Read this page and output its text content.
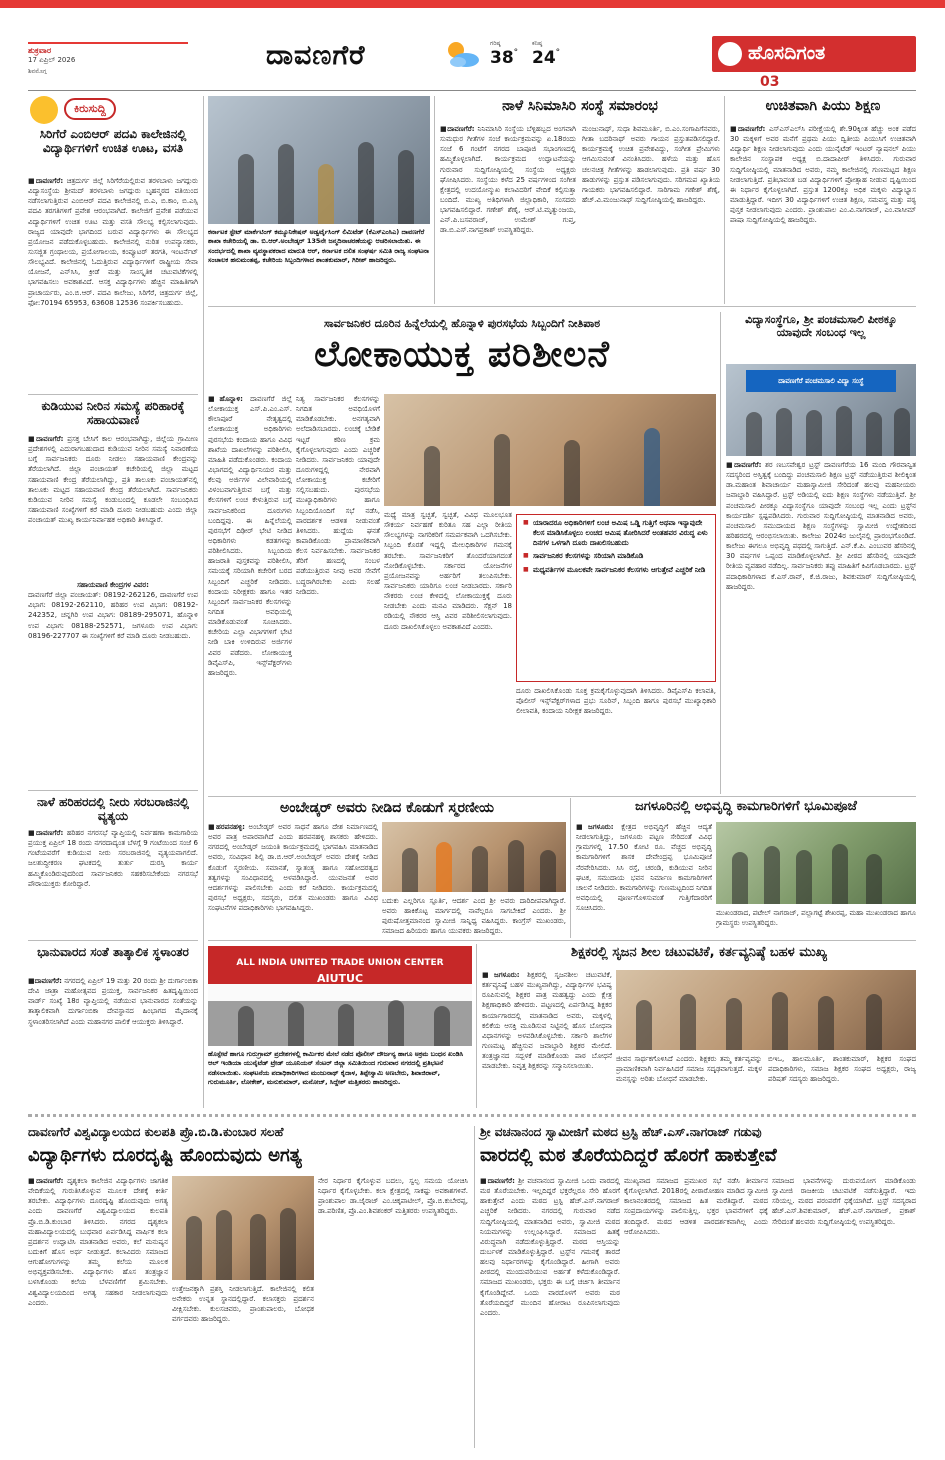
ಶುಕ್ರವಾರ
17 ಏಪ್ರಿಲ್ 2026
ಶಿವಮೊಗ್ಗ
ದಾವಣಗೆರೆ	ಗರಿಷ್ಠ
38°
ಕನಿಷ್ಠ
24°	ಹೊಸದಿಗಂತ
03
ಕಿರುಸುದ್ದಿ
ಸಿರಿಗೆರೆ ಎಂಬಿಆರ್ ಪದವಿ ಕಾಲೇಜಿನಲ್ಲಿ ವಿದ್ಯಾರ್ಥಿಗಳಿಗೆ ಉಚಿತ ಊಟ, ವಸತಿ
■ದಾವಣಗೆರೆ: ಚಿತ್ರದುರ್ಗ ಜಿಲ್ಲೆ ಸಿರಿಗೆರೆಯಲ್ಲಿರುವ ತರಳಬಾಳು ಜಗದ್ಗುರು ವಿದ್ಯಾಸಂಸ್ಥೆಯ ಶ್ರೀಮದ್ ತರಳಬಾಳು ಜಗದ್ಗುರು ಬೃಹನ್ಮಠದ ವತಿಯಿಂದ ನಡೆಸಲಾಗುತ್ತಿರುವ ಎಂಬಿಆರ್ ಪದವಿ ಕಾಲೇಜಿನಲ್ಲಿ ಬಿ.ಎ, ಬಿ.ಕಾಂ, ಬಿ.ಎಸ್ಸಿ ಪದವಿ ತರಗತಿಗಳಿಗೆ ಪ್ರವೇಶ ಆರಂಭವಾಗಿದೆ. ಕಾಲೇಜಿಗೆ ಪ್ರವೇಶ ಪಡೆಯುವ ವಿದ್ಯಾರ್ಥಿಗಳಿಗೆ ಉಚಿತ ಊಟ ಮತ್ತು ವಸತಿ ಸೌಲಭ್ಯ ಕಲ್ಪಿಸಲಾಗುವುದು. ರಾಜ್ಯದ ಯಾವುದೇ ಭಾಗದಿಂದ ಬರುವ ವಿದ್ಯಾರ್ಥಿಗಳು ಈ ಸೌಲಭ್ಯದ ಪ್ರಯೋಜನ ಪಡೆದುಕೊಳ್ಳಬಹುದು. ಕಾಲೇಜಿನಲ್ಲಿ ನುರಿತ ಉಪನ್ಯಾಸಕರು, ಸುಸಜ್ಜಿತ ಗ್ರಂಥಾಲಯ, ಪ್ರಯೋಗಾಲಯ, ಕಂಪ್ಯೂಟರ್ ತರಗತಿ, ಇಂಟರ್ನೆಟ್ ಸೌಲಭ್ಯವಿದೆ. ಕಾಲೇಜಿನಲ್ಲಿ ಓದುತ್ತಿರುವ ವಿದ್ಯಾರ್ಥಿಗಳಿಗೆ ರಾಷ್ಟ್ರೀಯ ಸೇವಾ ಯೋಜನೆ, ಎನ್‌ಸಿಸಿ, ಕ್ರೀಡೆ ಮತ್ತು ಸಾಂಸ್ಕೃತಿಕ ಚಟುವಟಿಕೆಗಳಲ್ಲಿ ಭಾಗವಹಿಸಲು ಅವಕಾಶವಿದೆ. ಆಸಕ್ತ ವಿದ್ಯಾರ್ಥಿಗಳು ಹೆಚ್ಚಿನ ಮಾಹಿತಿಗಾಗಿ ಪ್ರಾಚಾರ್ಯರು, ಎಂ.ಬಿ.ಆರ್. ಪದವಿ ಕಾಲೇಜು, ಸಿರಿಗೆರೆ, ಚಿತ್ರದುರ್ಗ ಜಿಲ್ಲೆ, ಫೋ:70194 65953, 63608 12536 ಸಂಪರ್ಕಿಸಬಹುದು.
ಕುಡಿಯುವ ನೀರಿನ ಸಮಸ್ಯೆ ಪರಿಹಾರಕ್ಕೆ ಸಹಾಯವಾಣಿ
■ದಾವಣಗೆರೆ: ಪ್ರಸಕ್ತ ಬೇಸಿಗೆ ಕಾಲ ಆರಂಭವಾಗಿದ್ದು, ಜಿಲ್ಲೆಯ ಗ್ರಾಮೀಣ ಪ್ರದೇಶಗಳಲ್ಲಿ ಎದುರಾಗಬಹುದಾದ ಕುಡಿಯುವ ನೀರಿನ ಸಮಸ್ಯೆ ನಿವಾರಣೆಯ ಬಗ್ಗೆ ಸಾರ್ವಜನಿಕರು ದೂರು ನೀಡಲು ಸಹಾಯವಾಣಿ ಕೇಂದ್ರವನ್ನು ತೆರೆಯಲಾಗಿದೆ. ಜಿಲ್ಲಾ ಪಂಚಾಯತ್ ಕಚೇರಿಯಲ್ಲಿ ಜಿಲ್ಲಾ ಮಟ್ಟದ ಸಹಾಯವಾಣಿ ಕೇಂದ್ರ ತೆರೆಯಲಾಗಿದ್ದು, ಪ್ರತಿ ತಾಲೂಕು ಪಂಚಾಯತ್‌ನಲ್ಲಿ ತಾಲೂಕು ಮಟ್ಟದ ಸಹಾಯವಾಣಿ ಕೇಂದ್ರ ತೆರೆಯಲಾಗಿದೆ. ಸಾರ್ವಜನಿಕರು ಕುಡಿಯುವ ನೀರಿನ ಸಮಸ್ಯೆ ಕಂಡುಬಂದಲ್ಲಿ ಕೂಡಲೇ ಸಂಬಂಧಿಸಿದ ಸಹಾಯವಾಣಿ ಸಂಖ್ಯೆಗಳಿಗೆ ಕರೆ ಮಾಡಿ ದೂರು ನೀಡಬಹುದು ಎಂದು ಜಿಲ್ಲಾ ಪಂಚಾಯತ್ ಮುಖ್ಯ ಕಾರ್ಯನಿರ್ವಾಹಕ ಅಧಿಕಾರಿ ತಿಳಿಸಿದ್ದಾರೆ.
ಸಹಾಯವಾಣಿ ಕೇಂದ್ರಗಳ ವಿವರ:
ದಾವಣಗೆರೆ ಜಿಲ್ಲಾ ಪಂಚಾಯತ್: 08192-262126, ದಾವಣಗೆರೆ ಉಪ ವಿಭಾಗ: 08192-262110, ಹರಿಹರ ಉಪ ವಿಭಾಗ: 08192-242352, ಚನ್ನಗಿರಿ ಉಪ ವಿಭಾಗ: 08189-295071, ಹೊನ್ನಾಳಿ ಉಪ ವಿಭಾಗ: 08188-252571, ಜಗಳೂರು ಉಪ ವಿಭಾಗ: 08196-227707 ಈ ಸಂಖ್ಯೆಗಳಿಗೆ ಕರೆ ಮಾಡಿ ದೂರು ನೀಡಬಹುದು.
ನಾಳೆ ಹರಿಹರದಲ್ಲಿ ನೀರು ಸರಬರಾಜಿನಲ್ಲಿ ವ್ಯತ್ಯಯ
■ದಾವಣಗೆರೆ: ಹರಿಹರ ನಗರಸಭೆ ವ್ಯಾಪ್ತಿಯಲ್ಲಿ ನಿರ್ವಹಣಾ ಕಾಮಗಾರಿಯ ಪ್ರಯುಕ್ತ ಏಪ್ರಿಲ್ 18 ರಂದು ನಗರದಾದ್ಯಂತ ಬೆಳಗ್ಗೆ 9 ಗಂಟೆಯಿಂದ ಸಂಜೆ 6 ಗಂಟೆಯವರೆಗೆ ಕುಡಿಯುವ ನೀರು ಸರಬರಾಜಿನಲ್ಲಿ ವ್ಯತ್ಯಯವಾಗಲಿದೆ. ಜಲಶುದ್ಧೀಕರಣ ಘಟಕದಲ್ಲಿ ತುರ್ತು ದುರಸ್ತಿ ಕಾರ್ಯ ಹಮ್ಮಿಕೊಂಡಿರುವುದರಿಂದ ಸಾರ್ವಜನಿಕರು ಸಹಕರಿಸಬೇಕೆಂದು ನಗರಸಭೆ ಪೌರಾಯುಕ್ತರು ಕೋರಿದ್ದಾರೆ.
ಭಾನುವಾರದ ಸಂತೆ ತಾತ್ಕಾಲಿಕ ಸ್ಥಳಾಂತರ
■ದಾವಣಗೆರೆ: ನಗರದಲ್ಲಿ ಏಪ್ರಿಲ್ 19 ಮತ್ತು 20 ರಂದು ಶ್ರೀ ದುರ್ಗಾಂಬಿಕಾ ದೇವಿ ಜಾತ್ರಾ ಮಹೋತ್ಸವದ ಪ್ರಯುಕ್ತ, ಸಾರ್ವಜನಿಕರ ಹಿತದೃಷ್ಟಿಯಿಂದ ವಾರ್ಡ್ ಸಂಖ್ಯೆ 18ರ ವ್ಯಾಪ್ತಿಯಲ್ಲಿ ನಡೆಯುವ ಭಾನುವಾರದ ಸಂತೆಯನ್ನು ತಾತ್ಕಾಲಿಕವಾಗಿ ದುರ್ಗಾಂಬಿಕಾ ದೇವಸ್ಥಾನದ ಹಿಂಭಾಗದ ಮೈದಾನಕ್ಕೆ ಸ್ಥಳಾಂತರಿಸಲಾಗಿದೆ ಎಂದು ಮಹಾನಗರ ಪಾಲಿಕೆ ಆಯುಕ್ತರು ತಿಳಿಸಿದ್ದಾರೆ.
ಕರ್ನಾಟಕ ಸ್ಟೇಟ್ ಮಾರ್ಕೆಟಿಂಗ್ ಕಮ್ಯೂನಿಕೇಷನ್ ಅಡ್ವರ್ಟೈಸಿಂಗ್ ಲಿಮಿಟೆಡ್ (ಕೆಎಸ್‌ಎಂಸಿಎ) ದಾವಣಗೆರೆ ಶಾಖಾ ಕಚೇರಿಯಲ್ಲಿ ಡಾ. ಬಿ.ಆರ್.ಅಂಬೇಡ್ಕರ್ 135ನೇ ಜನ್ಮದಿನಾಚರಣೆಯನ್ನು ಆಚರಿಸಲಾಯಿತು. ಈ ಸಂದರ್ಭದಲ್ಲಿ ಶಾಖಾ ವ್ಯವಸ್ಥಾಪಕರಾದ ಮಾರುತಿ ಆರ್, ಕರ್ನಾಟಕ ದಲಿತ ಸಂಘರ್ಷ ಸಮಿತಿ ರಾಜ್ಯ ಸಂಘಟನಾ ಸಂಚಾಲಕ ಹನುಮಂತಪ್ಪ, ಕಚೇರಿಯ ಸಿಬ್ಬಂದಿಗಳಾದ ಶಾಂತಕುಮಾರ್, ಗಿರೀಶ್ ಹಾಜರಿದ್ದರು.
ನಾಳೆ ಸಿನಿಮಾಸಿರಿ ಸಂಸ್ಥೆ ಸಮಾರಂಭ
■ದಾವಣಗೆರೆ: ನಿನಿಮಾಸಿರಿ ಸಂಸ್ಥೆಯ ಬೆಳ್ಳಿಹಬ್ಬದ ಅಂಗವಾಗಿ ಸುಮಧುರ ಗೀತೆಗಳ ಸಂಜೆ ಕಾರ್ಯಕ್ರಮವನ್ನು ಏ.18ರಂದು ಸಂಜೆ 6 ಗಂಟೆಗೆ ನಗರದ ಬಾಪೂಜಿ ಸಭಾಂಗಣದಲ್ಲಿ ಹಮ್ಮಿಕೊಳ್ಳಲಾಗಿದೆ. ಕಾರ್ಯಕ್ರಮದ ಉದ್ಘಾಟನೆಯನ್ನು ಗುರುವಾರ ಸುದ್ದಿಗೋಷ್ಠಿಯಲ್ಲಿ ಸಂಸ್ಥೆಯ ಅಧ್ಯಕ್ಷರು ಘೋಷಿಸಿದರು. ಸಂಸ್ಥೆಯು ಕಳೆದ 25 ವರ್ಷಗಳಿಂದ ಸಂಗೀತ ಕ್ಷೇತ್ರದಲ್ಲಿ ಉದಯೋನ್ಮುಖ ಕಲಾವಿದರಿಗೆ ವೇದಿಕೆ ಕಲ್ಪಿಸುತ್ತಾ ಬಂದಿದೆ. ಮುಖ್ಯ ಅತಿಥಿಗಳಾಗಿ ಜಿಲ್ಲಾಧಿಕಾರಿ, ಸಂಸದರು ಭಾಗವಹಿಸಲಿದ್ದಾರೆ. ಗಣೇಶ್ ಶೆಣೈ, ಆರ್.ಟಿ.ಮೃತ್ಯುಂಜಯ, ಎನ್.ಪಿ.ಬಸವರಾಜ್, ಉಮೇಶ್ ಗುಪ್ತ, ಡಾ.ಬಿ.ಎಸ್.ನಾಗಪ್ರಕಾಶ್ ಉಪಸ್ಥಿತರಿದ್ದರು.
ಮಂಜುನಾಥ್, ಸುಧಾ ಶಿವಮೂರ್ತಿ, ಬಿ.ಎಂ.ಸಂಗಾಪಿಗೆನವರು, ಗೀತಾ ಬದರಿನಾಥ್ ಅವರು ಗಾಯನ ಪ್ರಸ್ತುತಪಡಿಸಲಿದ್ದಾರೆ. ಕಾರ್ಯಕ್ರಮಕ್ಕೆ ಉಚಿತ ಪ್ರವೇಶವಿದ್ದು, ಸಂಗೀತ ಪ್ರೇಮಿಗಳು ಆಗಮಿಸುವಂತೆ ವಿನಂತಿಸಿದರು. ಹಳೆಯ ಮತ್ತು ಹೊಸ ಚಲನಚಿತ್ರ ಗೀತೆಗಳನ್ನು ಹಾಡಲಾಗುವುದು. ಪ್ರತಿ ವರ್ಷ 30 ಹಾಡುಗಳನ್ನು ಪ್ರಸ್ತುತ ಪಡಿಸಲಾಗುವುದು. ಸರಿಗಮಪ ಖ್ಯಾತಿಯ ಗಾಯಕರು ಭಾಗವಹಿಸಲಿದ್ದಾರೆ. ಸಾರಿಗಾಮ ಗಣೇಶ್ ಶೆಣೈ, ಹೆಚ್.ವಿ.ಮಂಜುನಾಥ್ ಸುದ್ದಿಗೋಷ್ಠಿಯಲ್ಲಿ ಹಾಜರಿದ್ದರು.
ಉಚಿತವಾಗಿ ಪಿಯು ಶಿಕ್ಷಣ
■ದಾವಣಗೆರೆ: ಎಸ್ಎಸ್ಎಲ್‌ಸಿ ಪರೀಕ್ಷೆಯಲ್ಲಿ ಶೇ.90ಕ್ಕಿಂತ ಹೆಚ್ಚು ಅಂಕ ಪಡೆದ 30 ಮಕ್ಕಳಿಗೆ ಅವರ ಮನೆಗೆ ಪ್ರಥಮ ಪಿಯು ದ್ವಿತೀಯ ಪಿಯುಸಿಗೆ ಉಚಿತವಾಗಿ ವಿದ್ಯಾರ್ಥಿ ಶಿಕ್ಷಣ ನೀಡಲಾಗುವುದು ಎಂದು ಯುನೈಟೆಡ್ ಇಂಟರ್ ನ್ಯಾಷನಲ್ ಪಿಯು ಕಾಲೇಜಿನ ಸಂಸ್ಥಾಪಕ ಅಧ್ಯಕ್ಷ ಬಿ.ದಾದಾಪೀರ್ ತಿಳಿಸಿದರು. ಗುರುವಾರ ಸುದ್ದಿಗೋಷ್ಠಿಯಲ್ಲಿ ಮಾತನಾಡಿದ ಅವರು, ನಮ್ಮ ಕಾಲೇಜಿನಲ್ಲಿ ಗುಣಮಟ್ಟದ ಶಿಕ್ಷಣ ನೀಡಲಾಗುತ್ತಿದೆ. ಪ್ರತಿಭಾವಂತ ಬಡ ವಿದ್ಯಾರ್ಥಿಗಳಿಗೆ ಪ್ರೋತ್ಸಾಹ ನೀಡುವ ದೃಷ್ಟಿಯಿಂದ ಈ ನಿರ್ಧಾರ ಕೈಗೊಳ್ಳಲಾಗಿದೆ. ಪ್ರಸ್ತುತ 1200ಕ್ಕೂ ಅಧಿಕ ಮಕ್ಕಳು ವಿದ್ಯಾಭ್ಯಾಸ ಮಾಡುತ್ತಿದ್ದಾರೆ. ಇದೀಗ 30 ವಿದ್ಯಾರ್ಥಿಗಳಿಗೆ ಉಚಿತ ಶಿಕ್ಷಣ, ಸಮವಸ್ತ್ರ ಮತ್ತು ಪಠ್ಯ ಪುಸ್ತಕ ನೀಡಲಾಗುವುದು ಎಂದರು. ಪ್ರಾಂಶುಪಾಲ ಎಂ.ವಿ.ನಾಗರಾಜ್, ಎಂ.ವಾಸೀಮ್ ಪಾಷಾ ಸುದ್ದಿಗೋಷ್ಠಿಯಲ್ಲಿ ಹಾಜರಿದ್ದರು.
ಸಾರ್ವಜನಿಕರ ದೂರಿನ ಹಿನ್ನೆಲೆಯಲ್ಲಿ ಹೊನ್ನಾಳಿ ಪುರಸಭೆಯ ಸಿಬ್ಬಂದಿಗೆ ನೀತಿಪಾಠ
ಲೋಕಾಯುಕ್ತ ಪರಿಶೀಲನೆ
■ಹೊನ್ನಾಳಿ: ದಾವಣಗೆರೆ ಜಿಲ್ಲೆ ಲೋಕಾಯುಕ್ತ ಎಸ್.ಪಿ.ಎಂ.ಎಸ್. ಕೌಲಾಪೂರೆ ನೇತೃತ್ವದಲ್ಲಿ ಲೋಕಾಯುಕ್ತ ಅಧಿಕಾರಿಗಳು ಪುರಸಭೆಯ ಕಂದಾಯ ಹಾಗೂ ವಿವಿಧ ಶಾಖೆಯ ದಾಖಲೆಗಳನ್ನು ಪರಿಶೀಲಿಸಿ, ಮಾಹಿತಿ ಪಡೆದುಕೊಂಡರು. ಕಂದಾಯ ವಿಭಾಗದಲ್ಲಿ ವಿದ್ಯಾರ್ಥಿನಿಯರ ಮತ್ತು ಕೆಲವು ಅರ್ಜಿಗಳ ವಿಲೇವಾರಿಯಲ್ಲಿ ವಿಳಂಬವಾಗುತ್ತಿರುವ ಬಗ್ಗೆ ಮತ್ತು ಕೆಲಸಗಳಿಗೆ ಲಂಚ ಕೇಳುತ್ತಿರುವ ಬಗ್ಗೆ ಸಾರ್ವಜನಿಕರಿಂದ ದೂರುಗಳು ಬಂದಿದ್ದವು. ಈ ಹಿನ್ನೆಲೆಯಲ್ಲಿ ಪುರಸಭೆಗೆ ದಿಢೀರ್ ಭೇಟಿ ನೀಡಿದ ಅಧಿಕಾರಿಗಳು ಕಡತಗಳನ್ನು ಪರಿಶೀಲಿಸಿದರು. ಸಿಬ್ಬಂದಿಯ ಹಾಜರಾತಿ ಪುಸ್ತಕವನ್ನು ಪರಿಶೀಲಿಸಿ, ಸಮಯಕ್ಕೆ ಸರಿಯಾಗಿ ಕಚೇರಿಗೆ ಬರದ ಸಿಬ್ಬಂದಿಗೆ ಎಚ್ಚರಿಕೆ ನೀಡಿದರು. ಕಂದಾಯ ನಿರೀಕ್ಷಕರು ಹಾಗೂ ಇತರ ಸಿಬ್ಬಂದಿಗೆ ಸಾರ್ವಜನಿಕರ ಕೆಲಸಗಳನ್ನು ನಿಗದಿತ ಅವಧಿಯಲ್ಲಿ ಮಾಡಿಕೊಡುವಂತೆ ಸೂಚಿಸಿದರು. ಕಚೇರಿಯ ಎಲ್ಲಾ ವಿಭಾಗಗಳಿಗೆ ಭೇಟಿ ನೀಡಿ ಬಾಕಿ ಉಳಿದಿರುವ ಅರ್ಜಿಗಳ ವಿವರ ಪಡೆದರು. ಲೋಕಾಯುಕ್ತ ಡಿವೈಎಸ್‌ಪಿ, ಇನ್ಸ್‌ಪೆಕ್ಟರ್‌ಗಳು ಹಾಜರಿದ್ದರು.
ನಿತ್ಯ ಸಾರ್ವಜನಿಕರ ಕೆಲಸಗಳನ್ನು ನಿಗದಿತ ಅವಧಿಯೊಳಗೆ ಮಾಡಿಕೊಡಬೇಕು. ಅನಗತ್ಯವಾಗಿ ಅಲೆದಾಡಿಸಬಾರದು. ಲಂಚಕ್ಕೆ ಬೇಡಿಕೆ ಇಟ್ಟರೆ ಕಠಿಣ ಕ್ರಮ ಕೈಗೊಳ್ಳಲಾಗುವುದು ಎಂದು ಎಚ್ಚರಿಕೆ ನೀಡಿದರು. ಸಾರ್ವಜನಿಕರು ಯಾವುದೇ ದೂರುಗಳಿದ್ದಲ್ಲಿ ನೇರವಾಗಿ ಲೋಕಾಯುಕ್ತ ಕಚೇರಿಗೆ ಸಲ್ಲಿಸಬಹುದು. ಪುರಸಭೆಯ ಮುಖ್ಯಾಧಿಕಾರಿಗಳು ಹಾಗೂ ಸಿಬ್ಬಂದಿಯೊಂದಿಗೆ ಸಭೆ ನಡೆಸಿ, ಪಾರದರ್ಶಕ ಆಡಳಿತ ನೀಡುವಂತೆ ತಿಳಿಸಿದರು. ಹುದ್ದೆಯ ಘನತೆ ಕಾಪಾಡಿಕೊಂಡು ಪ್ರಾಮಾಣಿಕವಾಗಿ ಕೆಲಸ ನಿರ್ವಹಿಸಬೇಕು. ಸಾರ್ವಜನಿಕರ ತೆರಿಗೆ ಹಣದಲ್ಲಿ ಸಂಬಳ ಪಡೆಯುತ್ತಿರುವ ನೀವು ಅವರ ಸೇವೆಗೆ ಬದ್ಧರಾಗಿರಬೇಕು ಎಂದು ಸಲಹೆ ನೀಡಿದರು.
ಮಧ್ಯೆ ಮಾತ್ರ ಸ್ವಚ್ಛತೆ, ಸ್ವಚ್ಛತೆ, ವಿವಿಧ ಮೂಲಭೂತ ಸೌಕರ್ಯ ನಿರ್ವಹಣೆ ಕುರಿತೂ ಸಹ ಎಲ್ಲಾ ರೀತಿಯ ಸೌಲಭ್ಯಗಳನ್ನು ನಾಗರಿಕರಿಗೆ ಸಮರ್ಪಕವಾಗಿ ಒದಗಿಸಬೇಕು. ಸಿಬ್ಬಂದಿ ಕೊರತೆ ಇದ್ದಲ್ಲಿ ಮೇಲಧಿಕಾರಿಗಳ ಗಮನಕ್ಕೆ ತರಬೇಕು. ಸಾರ್ವಜನಿಕರಿಗೆ ತೊಂದರೆಯಾಗದಂತೆ ನೋಡಿಕೊಳ್ಳಬೇಕು. ಸರ್ಕಾರದ ಯೋಜನೆಗಳ ಪ್ರಯೋಜನವನ್ನು ಅರ್ಹರಿಗೆ ತಲುಪಿಸಬೇಕು. ಸಾರ್ವಜನಿಕರು ಯಾರಿಗೂ ಲಂಚ ನೀಡಬಾರದು. ಸರ್ಕಾರಿ ನೌಕರರು ಲಂಚ ಕೇಳಿದಲ್ಲಿ ಲೋಕಾಯುಕ್ತಕ್ಕೆ ದೂರು ನೀಡಬೇಕು ಎಂದು ಮನವಿ ಮಾಡಿದರು. ಸೆಕ್ಷನ್ 18 ರಡಿಯಲ್ಲಿ ನೌಕರರ ಆಸ್ತಿ ವಿವರ ಪರಿಶೀಲಿಸಲಾಗುವುದು. ದೂರು ದಾಖಲಿಸಿಕೊಳ್ಳಲು ಅವಕಾಶವಿದೆ ಎಂದರು.
■ ಯಾರಾದರೂ ಅಧಿಕಾರಿಗಳಿಗೆ ಲಂಚ ಅಮಿಷ ಒಡ್ಡಿ ಗುತ್ತಿಗೆ ಅಥವಾ ಇನ್ಯಾವುದೇ ಕೆಲಸ ಮಾಡಿಸಿಕೊಳ್ಳಲು ಲಂಚದ ಆಮಿಷ ತೋರಿಸಿದರೆ ಅಂತಹವರ ವಿರುದ್ಧ ಏಳು ದಿನಗಳ ಒಳಗಾಗಿ ದೂರು ದಾಖಲಿಸಬಹುದು
■ ಸಾರ್ವಜನಿಕರ ಕೆಲಸಗಳನ್ನು ಸರಿಯಾಗಿ ಮಾಡಿಕೊಡಿ
■ ಮಧ್ಯವರ್ತಿಗಳ ಮೂಲಕವೇ ಸಾರ್ವಜನಿಕರ ಕೆಲಸಗಳು ಆಗುತ್ತೇವೆ ಎಚ್ಚರಿಕೆ ನೀಡಿ
ದೂರು ದಾಖಲಿಸಿಕೊಂಡು ಸೂಕ್ತ ಕ್ರಮಕೈಗೊಳ್ಳುವುದಾಗಿ ತಿಳಿಸಿದರು. ಡಿವೈಎಸ್‌ಪಿ ಕಲಾವತಿ, ಪೊಲೀಸ್ ಇನ್ಸ್‌ಪೆಕ್ಟರ್‌ಗಳಾದ ಪ್ರಭು ಸೂರಿನ್, ಸಿಬ್ಬಂದಿ ಹಾಗೂ ಪುರಸಭೆ ಮುಖ್ಯಾಧಿಕಾರಿ ಲೀಲಾವತಿ, ಕಂದಾಯ ನಿರೀಕ್ಷಕ ಹಾಜರಿದ್ದರು.
ವಿದ್ಯಾಸಂಸ್ಥೆಗೂ, ಶ್ರೀ ಪಂಚಮಸಾಲಿ ಪೀಠಕ್ಕೂ ಯಾವುದೇ ಸಂಬಂಧ ಇಲ್ಲ
ದಾವಣಗೆರೆ ಪಂಚಮಸಾಲಿ ವಿದ್ಯಾ ಸಂಸ್ಥೆ
■ದಾವಣಗೆರೆ: ಶರ ಣಬಸವೇಶ್ವರ ಟ್ರಸ್ಟ್ ದಾವಣಗೆರೆಯ 16 ಮಂದಿ ಗೌರವಾನ್ವಿತ ಸದಸ್ಯರಿಂದ ಅಸ್ತಿತ್ವಕ್ಕೆ ಬಂದಿದ್ದು ಪಂಚಮಸಾಲಿ ಶಿಕ್ಷಣ ಟ್ರಸ್ಟ್ ನಡೆಯುತ್ತಿರುವ ಶೀಲಿಕ್ಕಿಂತ ಡಾ.ಮಹಾಂತ ಶಿವಾಚಾರ್ಯ ಮಹಾಸ್ವಾಮೀಜಿ ಸೇರಿದಂತೆ ಹಲವು ಮಹನೀಯರು ಜವಾಬ್ದಾರಿ ವಹಿಸಿದ್ದಾರೆ. ಟ್ರಸ್ಟ್ ಅಡಿಯಲ್ಲಿ ಐದು ಶಿಕ್ಷಣ ಸಂಸ್ಥೆಗಳು ನಡೆಯುತ್ತಿವೆ. ಶ್ರೀ ಪಂಚಮಸಾಲಿ ಪೀಠಕ್ಕೂ ವಿದ್ಯಾಸಂಸ್ಥೆಗೂ ಯಾವುದೇ ಸಂಬಂಧ ಇಲ್ಲ ಎಂದು ಟ್ರಸ್ಟ್‌ನ ಕಾರ್ಯದರ್ಶಿ ಸ್ಪಷ್ಟಪಡಿಸಿದರು. ಗುರುವಾರ ಸುದ್ದಿಗೋಷ್ಠಿಯಲ್ಲಿ ಮಾತನಾಡಿದ ಅವರು, ಪಂಚಮಸಾಲಿ ಸಮುದಾಯದ ಶಿಕ್ಷಣ ಸಂಸ್ಥೆಗಳನ್ನು ಸ್ವಾಮೀಜಿ ಉದ್ದೇಶದಿಂದ ಹರಿಹರದಲ್ಲಿ ಆರಂಭಿಸಲಾಯಿತು. ಕಾಲೇಜು 2024ರ ಜುಲೈನಲ್ಲಿ ಪ್ರಾರಂಭಗೊಂಡಿದೆ. ಕಾಲೇಜು ಈಗಲೂ ಅಭಿವೃದ್ಧಿ ಪಥದಲ್ಲಿ ಸಾಗುತ್ತಿದೆ. ಎನ್.ಕೆ.ಪಿ. ಎಂಬುವರ ಹೆಸರಿನಲ್ಲಿ 30 ವರ್ಷಗಳ ಒಪ್ಪಂದ ಮಾಡಿಕೊಳ್ಳಲಾಗಿದೆ. ಶ್ರೀ ಪೀಠದ ಹೆಸರಿನಲ್ಲಿ ಯಾವುದೇ ರೀತಿಯ ವ್ಯವಹಾರ ನಡೆದಿಲ್ಲ. ಸಾರ್ವಜನಿಕರು ತಪ್ಪು ಮಾಹಿತಿಗೆ ಕಿವಿಗೊಡಬಾರದು. ಟ್ರಸ್ಟ್ ಪದಾಧಿಕಾರಿಗಳಾದ ಕೆ.ಎಸ್.ರಾವ್, ಕೆ.ಜಿ.ರಾಜು, ಶಿವಕುಮಾರ್ ಸುದ್ದಿಗೋಷ್ಠಿಯಲ್ಲಿ ಹಾಜರಿದ್ದರು.
ಅಂಬೇಡ್ಕರ್ ಅವರು ನೀಡಿದ ಕೊಡುಗೆ ಸ್ಮರಣೀಯ
■ಹರಪನಹಳ್ಳಿ: ಅಂಬೇಡ್ಕರ್ ಅವರ ಸಾಧನೆ ಹಾಗೂ ದೇಶ ನಿರ್ಮಾಣದಲ್ಲಿ ಅವರ ಪಾತ್ರ ಅಪಾರವಾಗಿದೆ ಎಂದು ಹರಪನಹಳ್ಳಿ ಶಾಸಕರು ಹೇಳಿದರು. ನಗರದಲ್ಲಿ ಅಂಬೇಡ್ಕರ್ ಜಯಂತಿ ಕಾರ್ಯಕ್ರಮದಲ್ಲಿ ಭಾಗವಹಿಸಿ ಮಾತನಾಡಿದ ಅವರು, ಸಂವಿಧಾನ ಶಿಲ್ಪಿ ಡಾ.ಬಿ.ಆರ್.ಅಂಬೇಡ್ಕರ್ ಅವರು ದೇಶಕ್ಕೆ ನೀಡಿದ ಕೊಡುಗೆ ಸ್ಮರಣೀಯ. ಸಮಾನತೆ, ಸ್ವಾತಂತ್ರ್ಯ ಹಾಗೂ ಸಹೋದರತ್ವದ ತತ್ವಗಳನ್ನು ಸಂವಿಧಾನದಲ್ಲಿ ಅಳವಡಿಸಿದ್ದಾರೆ. ಯುವಜನತೆ ಅವರ ಆದರ್ಶಗಳನ್ನು ಪಾಲಿಸಬೇಕು ಎಂದು ಕರೆ ನೀಡಿದರು. ಕಾರ್ಯಕ್ರಮದಲ್ಲಿ ಪುರಸಭೆ ಅಧ್ಯಕ್ಷರು, ಸದಸ್ಯರು, ದಲಿತ ಮುಖಂಡರು ಹಾಗೂ ವಿವಿಧ ಸಂಘಟನೆಗಳ ಪದಾಧಿಕಾರಿಗಳು ಭಾಗವಹಿಸಿದ್ದರು.
ಬದುಕು ಎಲ್ಲರಿಗೂ ಸ್ಪೂರ್ತಿ, ಆದರ್ಶ ಎಂದ ಶ್ರೀ ಅವರು ದಾರಿದೀಪವಾಗಿದ್ದಾರೆ. ಅವರು ಹಾಕಿಕೊಟ್ಟ ಮಾರ್ಗದಲ್ಲಿ ನಾವೆಲ್ಲರೂ ಸಾಗಬೇಕಿದೆ ಎಂದರು. ಶ್ರೀ ಪುರುಷೋತ್ತಮಾನಂದ ಸ್ವಾಮೀಜಿ ಸಾನ್ನಿಧ್ಯ ವಹಿಸಿದ್ದರು. ಕಾಂಗ್ರೆಸ್ ಮುಖಂಡರು, ಸಮಾಜದ ಹಿರಿಯರು ಹಾಗೂ ಯುವಕರು ಹಾಜರಿದ್ದರು.
ಜಗಳೂರಿನಲ್ಲಿ ಅಭಿವೃದ್ಧಿ ಕಾಮಗಾರಿಗಳಿಗೆ ಭೂಮಿಪೂಜೆ
■ಜಗಳೂರು: ಕ್ಷೇತ್ರದ ಅಭಿವೃದ್ಧಿಗೆ ಹೆಚ್ಚಿನ ಆದ್ಯತೆ ನೀಡಲಾಗುತ್ತಿದ್ದು, ಜಗಳೂರು ಪಟ್ಟಣ ಸೇರಿದಂತೆ ವಿವಿಧ ಗ್ರಾಮಗಳಲ್ಲಿ 17.50 ಕೋಟಿ ರೂ. ವೆಚ್ಚದ ಅಭಿವೃದ್ಧಿ ಕಾಮಗಾರಿಗಳಿಗೆ ಶಾಸಕ ದೇವೇಂದ್ರಪ್ಪ ಭೂಮಿಪೂಜೆ ನೆರವೇರಿಸಿದರು. ಸಿಸಿ ರಸ್ತೆ, ಚರಂಡಿ, ಕುಡಿಯುವ ನೀರಿನ ಘಟಕ, ಸಮುದಾಯ ಭವನ ನಿರ್ಮಾಣ ಕಾಮಗಾರಿಗಳಿಗೆ ಚಾಲನೆ ನೀಡಿದರು. ಕಾಮಗಾರಿಗಳನ್ನು ಗುಣಮಟ್ಟದಿಂದ ನಿಗದಿತ ಅವಧಿಯಲ್ಲಿ ಪೂರ್ಣಗೊಳಿಸುವಂತೆ ಗುತ್ತಿಗೆದಾರರಿಗೆ ಸೂಚಿಸಿದರು.
ಮುಖಂಡರಾದ, ಪಟೇಲ್ ನಾಗರಾಜ್, ಪಲ್ಲಾಗಟ್ಟೆ ಶೇಖರಪ್ಪ, ಮಹಾ ಮುಖಂಡರಾದ ಹಾಗೂ ಗ್ರಾಮಸ್ಥರು ಉಪಸ್ಥಿತರಿದ್ದರು.
ALL INDIA UNITED TRADE UNION CENTER
AIUTUC
ಹೊಸ್ಪೇಟೆ ಹಾಗೂ ಗುರುಗ್ರಾಮ್ ಪ್ರದೇಶಗಳಲ್ಲಿ ಕಾರ್ಮಿಕರ ಮೇಲೆ ನಡೆದ ಪೊಲೀಸ್ ದೌರ್ಜನ್ಯ ಹಾಗೂ ಅಕ್ರಮ ಬಂಧನ ಖಂಡಿಸಿ ಆಲ್ ಇಂಡಿಯಾ ಯುನೈಟೆಡ್ ಟ್ರೇಡ್ ಯೂನಿಯನ್ ಸೆಂಟರ್ ಜಿಲ್ಲಾ ಸಮಿತಿಯಿಂದ ಗುರುವಾರ ನಗರದಲ್ಲಿ ಪ್ರತಿಭಟನೆ ನಡೆಸಲಾಯಿತು. ಸಂಘಟನೆಯ ಪದಾಧಿಕಾರಿಗಳಾದ ಮಂಜುನಾಥ್ ಕೈದಾಳ, ತಿಪ್ಪೇಸ್ವಾಮಿ ಅಣಬೇರು, ಶಿವಾಜಿರಾವ್, ಗುರುಮೂರ್ತಿ, ಲೋಕೇಶ್, ಮನುಕುಮಾರ್, ಮನೋಜ್, ಸಿದ್ದೇಶ್ ಮತ್ತಿತರರು ಹಾಜರಿದ್ದರು.
ಶಿಕ್ಷಕರಲ್ಲಿ ಸೃಜನ ಶೀಲ ಚಟುವಟಿಕೆ, ಕರ್ತವ್ಯನಿಷ್ಠೆ ಬಹಳ ಮುಖ್ಯ
■ಜಗಳೂರು: ಶಿಕ್ಷಕರಲ್ಲಿ ಸೃಜನಶೀಲ ಚಟುವಟಿಕೆ, ಕರ್ತವ್ಯನಿಷ್ಠೆ ಬಹಳ ಮುಖ್ಯವಾಗಿದ್ದು, ವಿದ್ಯಾರ್ಥಿಗಳ ಭವಿಷ್ಯ ರೂಪಿಸುವಲ್ಲಿ ಶಿಕ್ಷಕರ ಪಾತ್ರ ಮಹತ್ವದ್ದು ಎಂದು ಕ್ಷೇತ್ರ ಶಿಕ್ಷಣಾಧಿಕಾರಿ ಹೇಳಿದರು. ಪಟ್ಟಣದಲ್ಲಿ ಏರ್ಪಡಿಸಿದ್ದ ಶಿಕ್ಷಕರ ಕಾರ್ಯಾಗಾರದಲ್ಲಿ ಮಾತನಾಡಿದ ಅವರು, ಮಕ್ಕಳಲ್ಲಿ ಕಲಿಕೆಯ ಆಸಕ್ತಿ ಮೂಡಿಸುವ ನಿಟ್ಟಿನಲ್ಲಿ ಹೊಸ ಬೋಧನಾ ವಿಧಾನಗಳನ್ನು ಅಳವಡಿಸಿಕೊಳ್ಳಬೇಕು. ಸರ್ಕಾರಿ ಶಾಲೆಗಳ ಗುಣಮಟ್ಟ ಹೆಚ್ಚಿಸುವ ಜವಾಬ್ದಾರಿ ಶಿಕ್ಷಕರ ಮೇಲಿದೆ. ತಂತ್ರಜ್ಞಾನದ ಸದ್ಬಳಕೆ ಮಾಡಿಕೊಂಡು ಪಾಠ ಬೋಧನೆ ಮಾಡಬೇಕು. ನಿವೃತ್ತ ಶಿಕ್ಷಕರನ್ನು ಸನ್ಮಾನಿಸಲಾಯಿತು.
ಜೀವನ ಸಾರ್ಥಕಗೊಳಿಸಿದೆ ಎಂದರು. ಶಿಕ್ಷಕರು ತಮ್ಮ ಕರ್ತವ್ಯವನ್ನು ಪ್ರಾಮಾಣಿಕವಾಗಿ ನಿರ್ವಹಿಸಿದರೆ ಸಮಾಜ ಸದೃಢವಾಗುತ್ತದೆ. ಮಕ್ಕಳ ಮನಸ್ಸನ್ನು ಅರಿತು ಬೋಧನೆ ಮಾಡಬೇಕು.
ಬಿಇಒ, ಹಾಲಮೂರ್ತಿ, ಶಾಂತಕುಮಾರ್, ಶಿಕ್ಷಕರ ಸಂಘದ ಪದಾಧಿಕಾರಿಗಳು, ಸಮಾಜ ಶಿಕ್ಷಕರ ಸಂಘದ ಅಧ್ಯಕ್ಷರು, ರಾಜ್ಯ ಪರಿಷತ್ ಸದಸ್ಯರು ಹಾಜರಿದ್ದರು.
ದಾವಣಗೆರೆ ವಿಶ್ವವಿದ್ಯಾಲಯದ ಕುಲಪತಿ ಪ್ರೊ.ಬಿ.ಡಿ.ಕುಂಬಾರ ಸಲಹೆ
ವಿದ್ಯಾರ್ಥಿಗಳು ದೂರದೃಷ್ಟಿ ಹೊಂದುವುದು ಅಗತ್ಯ
■ದಾವಣಗೆರೆ: ದೃಶ್ಯಕಲಾ ಕಾಲೇಜಿನ ವಿದ್ಯಾರ್ಥಿಗಳು ಜಾಗತಿಕ ವೇದಿಕೆಯಲ್ಲಿ ಗುರುತಿಸಿಕೊಳ್ಳುವ ಮೂಲಕ ದೇಶಕ್ಕೆ ಕೀರ್ತಿ ತರಬೇಕು. ವಿದ್ಯಾರ್ಥಿಗಳು ದೂರದೃಷ್ಟಿ ಹೊಂದುವುದು ಅಗತ್ಯ ಎಂದು ದಾವಣಗೆರೆ ವಿಶ್ವವಿದ್ಯಾಲಯದ ಕುಲಪತಿ ಪ್ರೊ.ಬಿ.ಡಿ.ಕುಂಬಾರ ತಿಳಿಸಿದರು. ನಗರದ ದೃಶ್ಯಕಲಾ ಮಹಾವಿದ್ಯಾಲಯದಲ್ಲಿ ಬುಧವಾರ ಏರ್ಪಡಿಸಿದ್ದ ವಾರ್ಷಿಕ ಕಲಾ ಪ್ರದರ್ಶನ ಉದ್ಘಾಟಿಸಿ ಮಾತನಾಡಿದ ಅವರು, ಕಲೆ ಮನುಷ್ಯನ ಬದುಕಿಗೆ ಹೊಸ ಅರ್ಥ ನೀಡುತ್ತದೆ. ಕಲಾವಿದರು ಸಮಾಜದ ಆಗುಹೋಗುಗಳನ್ನು ತಮ್ಮ ಕಲೆಯ ಮೂಲಕ ಅಭಿವ್ಯಕ್ತಪಡಿಸಬೇಕು. ವಿದ್ಯಾರ್ಥಿಗಳು ಹೊಸ ತಂತ್ರಜ್ಞಾನ ಬಳಸಿಕೊಂಡು ಕಲೆಯ ಬೆಳವಣಿಗೆಗೆ ಶ್ರಮಿಸಬೇಕು. ವಿಶ್ವವಿದ್ಯಾಲಯದಿಂದ ಅಗತ್ಯ ಸಹಕಾರ ನೀಡಲಾಗುವುದು ಎಂದರು.
ಉತ್ತೇಜನಕ್ಕಾಗಿ ಪ್ರಶಸ್ತಿ ನೀಡಲಾಗುತ್ತಿದೆ. ಕಾಲೇಜಿನಲ್ಲಿ ಕಲಿತ ಅನೇಕರು ಉನ್ನತ ಸ್ಥಾನದಲ್ಲಿದ್ದಾರೆ. ಕಲಾಸಕ್ತರು ಪ್ರದರ್ಶನ ವೀಕ್ಷಿಸಬೇಕು. ಕುಲಸಚಿವರು, ಪ್ರಾಂಶುಪಾಲರು, ಬೋಧಕ ವರ್ಗದವರು ಹಾಜರಿದ್ದರು.
ನೇರ ನಿರ್ಧಾರ ಕೈಗೊಳ್ಳುವ ಬದಲು, ಸ್ವಲ್ಪ ಸಮಯ ಯೋಚಿಸಿ ನಿರ್ಧಾರ ಕೈಗೊಳ್ಳಬೇಕು. ಕಲಾ ಕ್ಷೇತ್ರದಲ್ಲಿ ಸಾಕಷ್ಟು ಅವಕಾಶಗಳಿವೆ. ಪ್ರಾಂಶುಪಾಲ ಡಾ.ಜೈರಾಜ್ ಎಂ.ಚಿಕ್ಕಪಾಟೀಲ್, ಪ್ರೊ.ಬಿ.ಕುಬೇರಪ್ಪ, ಡಾ.ಪರಿಣಿತ, ಪ್ರೊ.ಎಂ.ಶಿವಶಂಕರ್ ಮತ್ತಿತರರು ಉಪಸ್ಥಿತರಿದ್ದರು.
ಶ್ರೀ ವಚನಾನಂದ ಸ್ವಾಮೀಜಿಗೆ ಮಠದ ಟ್ರಸ್ಟಿ ಹೆಚ್.ಎಸ್.ನಾಗರಾಜ್ ಗಡುವು
ವಾರದಲ್ಲಿ ಮಠ ತೊರೆಯದಿದ್ದರೆ ಹೊರಗೆ ಹಾಕುತ್ತೇವೆ
■ದಾವಣಗೆರೆ: ಶ್ರೀ ವಚನಾನಂದ ಸ್ವಾಮೀಜಿ ಒಂದು ವಾರದಲ್ಲಿ ಮಠ ತೊರೆಯಬೇಕು. ಇಲ್ಲದಿದ್ದರೆ ಭಕ್ತರೆಲ್ಲರೂ ಸೇರಿ ಹೊರಗೆ ಹಾಕುತ್ತೇವೆ ಎಂದು ಮಠದ ಟ್ರಸ್ಟಿ ಹೆಚ್.ಎಸ್.ನಾಗರಾಜ್ ಎಚ್ಚರಿಕೆ ನೀಡಿದರು. ನಗರದಲ್ಲಿ ಗುರುವಾರ ನಡೆದ ಸುದ್ದಿಗೋಷ್ಠಿಯಲ್ಲಿ ಮಾತನಾಡಿದ ಅವರು, ಸ್ವಾಮೀಜಿ ಮಠದ ನಿಯಮಗಳನ್ನು ಉಲ್ಲಂಘಿಸಿದ್ದಾರೆ. ಸಮಾಜದ ಹಿತಕ್ಕೆ ವಿರುದ್ಧವಾಗಿ ನಡೆದುಕೊಳ್ಳುತ್ತಿದ್ದಾರೆ. ಮಠದ ಆಸ್ತಿಯನ್ನು ದುರ್ಬಳಕೆ ಮಾಡಿಕೊಳ್ಳುತ್ತಿದ್ದಾರೆ. ಟ್ರಸ್ಟ್‌ನ ಗಮನಕ್ಕೆ ತಾರದೆ ಹಲವು ನಿರ್ಧಾರಗಳನ್ನು ಕೈಗೊಂಡಿದ್ದಾರೆ. ಹೀಗಾಗಿ ಅವರು ಪೀಠದಲ್ಲಿ ಮುಂದುವರಿಯುವ ಅರ್ಹತೆ ಕಳೆದುಕೊಂಡಿದ್ದಾರೆ. ಸಮಾಜದ ಮುಖಂಡರು, ಭಕ್ತರು ಈ ಬಗ್ಗೆ ಚರ್ಚಿಸಿ ತೀರ್ಮಾನ ಕೈಗೊಂಡಿದ್ದೇವೆ. ಒಂದು ವಾರದೊಳಗೆ ಅವರು ಮಠ ತೊರೆಯದಿದ್ದರೆ ಮುಂದಿನ ಹೋರಾಟ ರೂಪಿಸಲಾಗುವುದು ಎಂದರು.
ಮುಖ್ಯವಾದ ಸಮಾಜದ ಪ್ರಮುಖರ ಸಭೆ ನಡೆಸಿ ತೀರ್ಮಾನ ಕೈಗೊಳ್ಳಲಾಗಿದೆ. 2018ರಲ್ಲಿ ಪೀಠಾರೋಹಣ ಮಾಡಿದ ಸ್ವಾಮೀಜಿ ಕಾಲಾನಂತರದಲ್ಲಿ ಸಮಾಜದ ಹಿತ ಮರೆತಿದ್ದಾರೆ. ಮಠದ ಸಂಪ್ರದಾಯಗಳನ್ನು ಪಾಲಿಸುತ್ತಿಲ್ಲ. ಭಕ್ತರ ಭಾವನೆಗಳಿಗೆ ಧಕ್ಕೆ ತಂದಿದ್ದಾರೆ. ಮಠದ ಆಡಳಿತ ಪಾರದರ್ಶಕವಾಗಿಲ್ಲ ಎಂದು ಆರೋಪಿಸಿದರು.
ಸಮಾಜದ ಭಾವನೆಗಳನ್ನು ದುರುಪಯೋಗ ಮಾಡಿಕೊಂಡು ಸ್ವಾಮೀಜಿ ರಾಜಕೀಯ ಚಟುವಟಿಕೆ ನಡೆಸುತ್ತಿದ್ದಾರೆ. ಇದು ಸರಿಯಲ್ಲ. ಮಠದ ಪರಂಪರೆಗೆ ಧಕ್ಕೆಯಾಗಿದೆ. ಟ್ರಸ್ಟ್ ಸದಸ್ಯರಾದ ಹೆಚ್.ಎಸ್.ಶಿವಕುಮಾರ್, ಹೆಚ್.ಎಸ್.ನಾಗರಾಜ್, ಪ್ರಕಾಶ್ ಸೇರಿದಂತೆ ಹಲವರು ಸುದ್ದಿಗೋಷ್ಠಿಯಲ್ಲಿ ಉಪಸ್ಥಿತರಿದ್ದರು.
